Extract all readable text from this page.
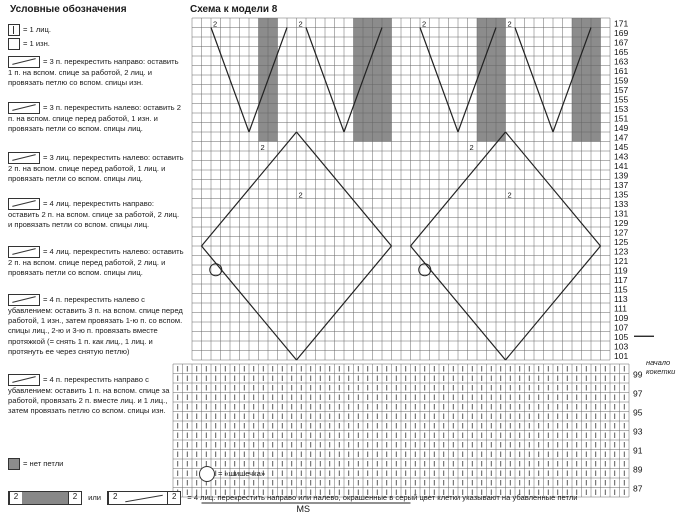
Условные обозначения
= 1 лиц.
= 1 изн.
= 3 п. перекрестить направо: оставить 1 п. на вспом. спице за работой, 2 лиц. и провязать петлю со вспом. спицы изн.
= 3 п. перекрестить налево: оставить 2 п. на вспом. спице перед работой, 1 изн. и провязать петли со вспом. спицы лиц.
= 3 лиц. перекрестить налево: оставить 2 п. на вспом. спице перед работой, 1 лиц. и провязать петли со вспом. спицы лиц.
= 4 лиц. перекрестить направо: оставить 2 п. на вспом. спице за работой, 2 лиц. и провязать петли со вспом. спицы лиц.
= 4 лиц. перекрестить налево: оставить 2 п. на вспом. спице перед работой, 2 лиц. и провязать петли со вспом. спицы лиц.
= 4 п. перекрестить налево с убавлением: оставить 3 п. на вспом. спице перед работой, 1 изн., затем провязать 1-ю п. со вспом. спицы лиц., 2-ю и 3-ю п. провязать вместе протяжкой (= снять 1 п. как лиц., 1 лиц. и протянуть ее через снятую петлю)
= 4 п. перекрестить направо с убавлением: оставить 1 п. на вспом. спице за работой, провязать 2 п. вместе лиц. и 1 лиц., затем провязать петлю со вспом. спицы изн.
= нет петли
Схема к модели 8
171
169
167
165
163
161
159
157
155
153
151
149
147
145
143
141
139
137
135
133
131
129
127
125
123
121
119
117
115
113
111
109
107
105
103
101
99
97
95
93
91
89
87
2	2	2	2
2	2
2	2
MS
начало кокетки
= «шишечка»
2	2	или	2	2	= 4 лиц. перекрестить направо или налево, окрашенные в серый цвет клетки указывают на убавленные петли
